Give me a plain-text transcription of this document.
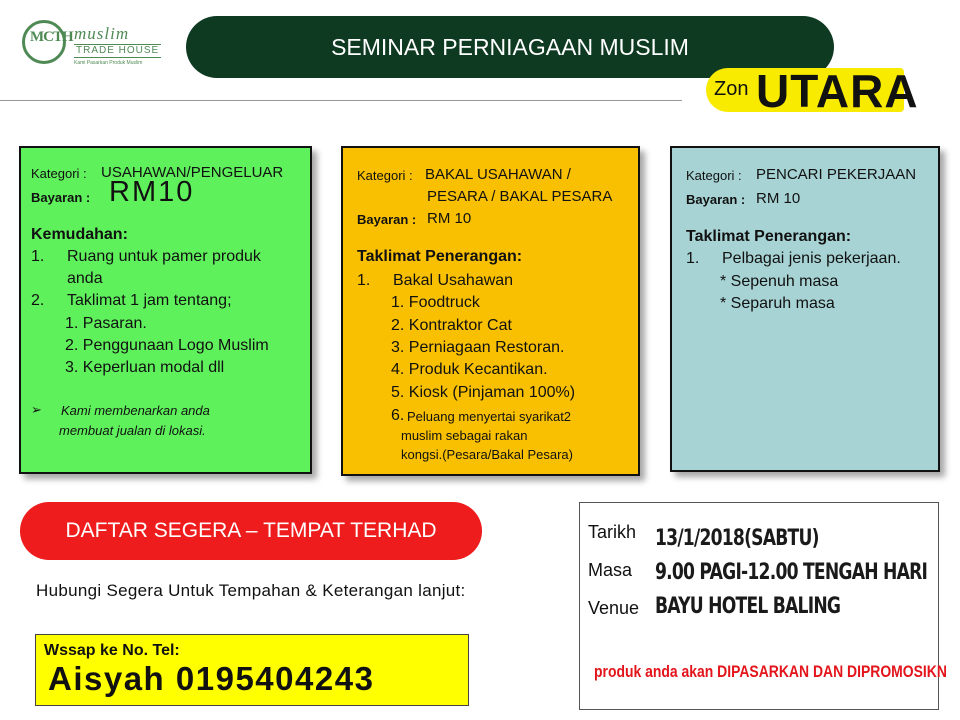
MCTH muslim
TRADE HOUSE
Kami Pasarkan Produk Muslim
SEMINAR PERNIAGAAN MUSLIM
Zon UTARA
Kategori : USAHAWAN/PENGELUAR
Bayaran : RM10
Kemudahan:
1. Ruang untuk pamer produk
anda
2. Taklimat 1 jam tentang;
1. Pasaran.
2. Penggunaan Logo Muslim
3. Keperluan modal dll
➢ Kami membenarkan anda
membuat jualan di lokasi.
Kategori : BAKAL USAHAWAN /
PESARA / BAKAL PESARA
Bayaran : RM 10
Taklimat Penerangan:
1. Bakal Usahawan
1. Foodtruck
2. Kontraktor Cat
3. Perniagaan Restoran.
4. Produk Kecantikan.
5. Kiosk (Pinjaman 100%)
6. Peluang menyertai syarikat2
muslim sebagai rakan
kongsi.(Pesara/Bakal Pesara)
Kategori : PENCARI PEKERJAAN
Bayaran : RM 10
Taklimat Penerangan:
1. Pelbagai jenis pekerjaan.
* Sepenuh masa
* Separuh masa
DAFTAR SEGERA – TEMPAT TERHAD
Hubungi Segera Untuk Tempahan & Keterangan lanjut:
Wssap ke No. Tel:
Aisyah 0195404243
Tarikh 13/1/2018(SABTU)
Masa 9.00 PAGI-12.00 TENGAH HARI
Venue BAYU HOTEL BALING
produk anda akan DIPASARKAN DAN DIPROMOSIKN
